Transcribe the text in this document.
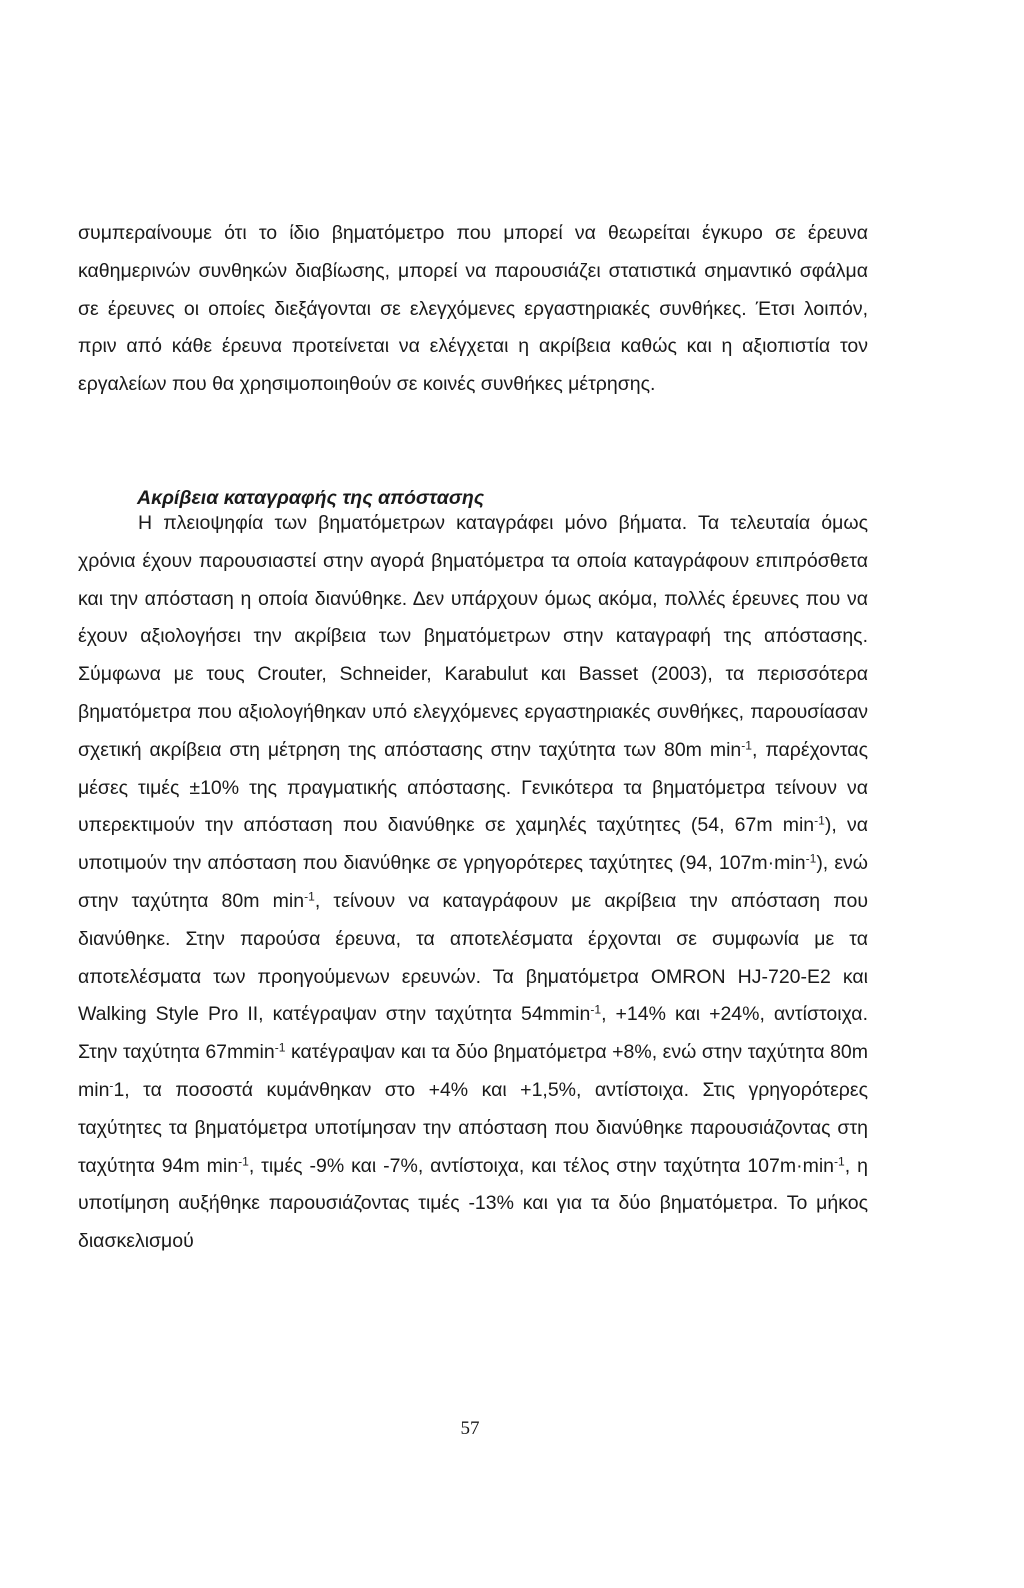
συμπεραίνουμε ότι το ίδιο βηματόμετρο που μπορεί να θεωρείται έγκυρο σε έρευνα καθημερινών συνθηκών διαβίωσης, μπορεί να παρουσιάζει στατιστικά σημαντικό σφάλμα σε έρευνες οι οποίες διεξάγονται σε ελεγχόμενες εργαστηριακές συνθήκες. Έτσι λοιπόν, πριν από κάθε έρευνα προτείνεται να ελέγχεται η ακρίβεια καθώς και η αξιοπιστία τον εργαλείων που θα χρησιμοποιηθούν σε κοινές συνθήκες μέτρησης.

Ακρίβεια καταγραφής της απόστασης

Η πλειοψηφία των βηματόμετρων καταγράφει μόνο βήματα. Τα τελευταία όμως χρόνια έχουν παρουσιαστεί στην αγορά βηματόμετρα τα οποία καταγράφουν επιπρόσθετα και την απόσταση η οποία διανύθηκε. Δεν υπάρχουν όμως ακόμα, πολλές έρευνες που να έχουν αξιολογήσει την ακρίβεια των βηματόμετρων στην καταγραφή της απόστασης. Σύμφωνα με τους Crouter, Schneider, Karabulut και Basset (2003), τα περισσότερα βηματόμετρα που αξιολογήθηκαν υπό ελεγχόμενες εργαστηριακές συνθήκες, παρουσίασαν σχετική ακρίβεια στη μέτρηση της απόστασης στην ταχύτητα των 80m $\min^{-1}$, παρέχοντας μέσες τιμές ±10% της πραγματικής απόστασης. Γενικότερα τα βηματόμετρα τείνουν να υπερεκτιμούν την απόσταση που διανύθηκε σε χαμηλές ταχύτητες (54, 67m $\min^{-1}$), να υποτιμούν την απόσταση που διανύθηκε σε γρηγορότερες ταχύτητες (94, $107m\cdot\min^{-1}$), ενώ στην ταχύτητα 80m $\min^{-1}$, τείνουν να καταγράφουν με ακρίβεια την απόσταση που διανύθηκε. Στην παρούσα έρευνα, τα αποτελέσματα έρχονται σε συμφωνία με τα αποτελέσματα των προηγούμενων ερευνών. Τα βηματόμετρα OMRON HJ-720-E2 και Walking Style Pro II, κατέγραψαν στην ταχύτητα 54mmin$^{-1}$, +14% και +24%, αντίστοιχα. Στην ταχύτητα 67mmin$^{-1}$ κατέγραψαν και τα δύο βηματόμετρα +8%, ενώ στην ταχύτητα 80m min-1, τα ποσοστά κυμάνθηκαν στο +4% και +1,5%, αντίστοιχα. Στις γρηγορότερες ταχύτητες τα βηματόμετρα υποτίμησαν την απόσταση που διανύθηκε παρουσιάζοντας στη ταχύτητα 94m $\min^{-1}$, τιμές -9% και -7%, αντίστοιχα, και τέλος στην ταχύτητα $107m\cdot\min^{-1}$, η υποτίμηση αυξήθηκε παρουσιάζοντας τιμές -13% και για τα δύο βηματόμετρα. Το μήκος διασκελισμού

57
